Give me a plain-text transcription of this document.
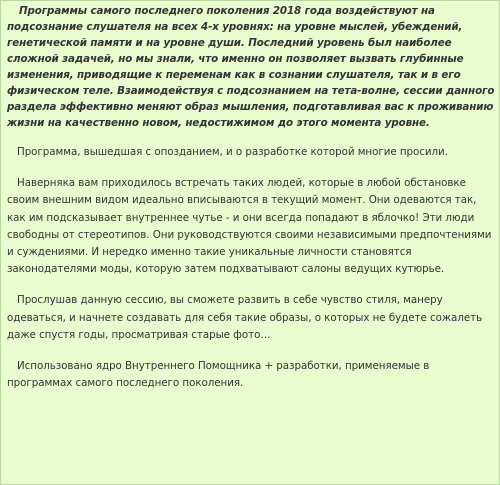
Программы самого последнего поколения 2018 года воздействуют на подсознание слушателя на всех 4-х уровнях: на уровне мыслей, убеждений, генетической памяти и на уровне души. Последний уровень был наиболее сложной задачей, но мы знали, что именно он позволяет вызвать глубинные изменения, приводящие к переменам как в сознании слушателя, так и в его физическом теле. Взаимодействуя с подсознанием на тета-волне, сессии данного раздела эффективно меняют образ мышления, подготавливая вас к проживанию жизни на качественно новом, недостижимом до этого момента уровне.

Программа, вышедшая с опозданием, и о разработке которой многие просили.

Наверняка вам приходилось встречать таких людей, которые в любой обстановке своим внешним видом идеально вписываются в текущий момент. Они одеваются так, как им подсказывает внутреннее чутье - и они всегда попадают в яблочко! Эти люди свободны от стереотипов. Они руководствуются своими независимыми предпочтениями и суждениями. И нередко именно такие уникальные личности становятся законодателями моды, которую затем подхватывают салоны ведущих кутюрье.

Прослушав данную сессию, вы сможете развить в себе чувство стиля, манеру одеваться, и начнете создавать для себя такие образы, о которых не будете сожалеть даже спустя годы, просматривая старые фото…

Использовано ядро Внутреннего Помощника + разработки, применяемые в программах самого последнего поколения.
